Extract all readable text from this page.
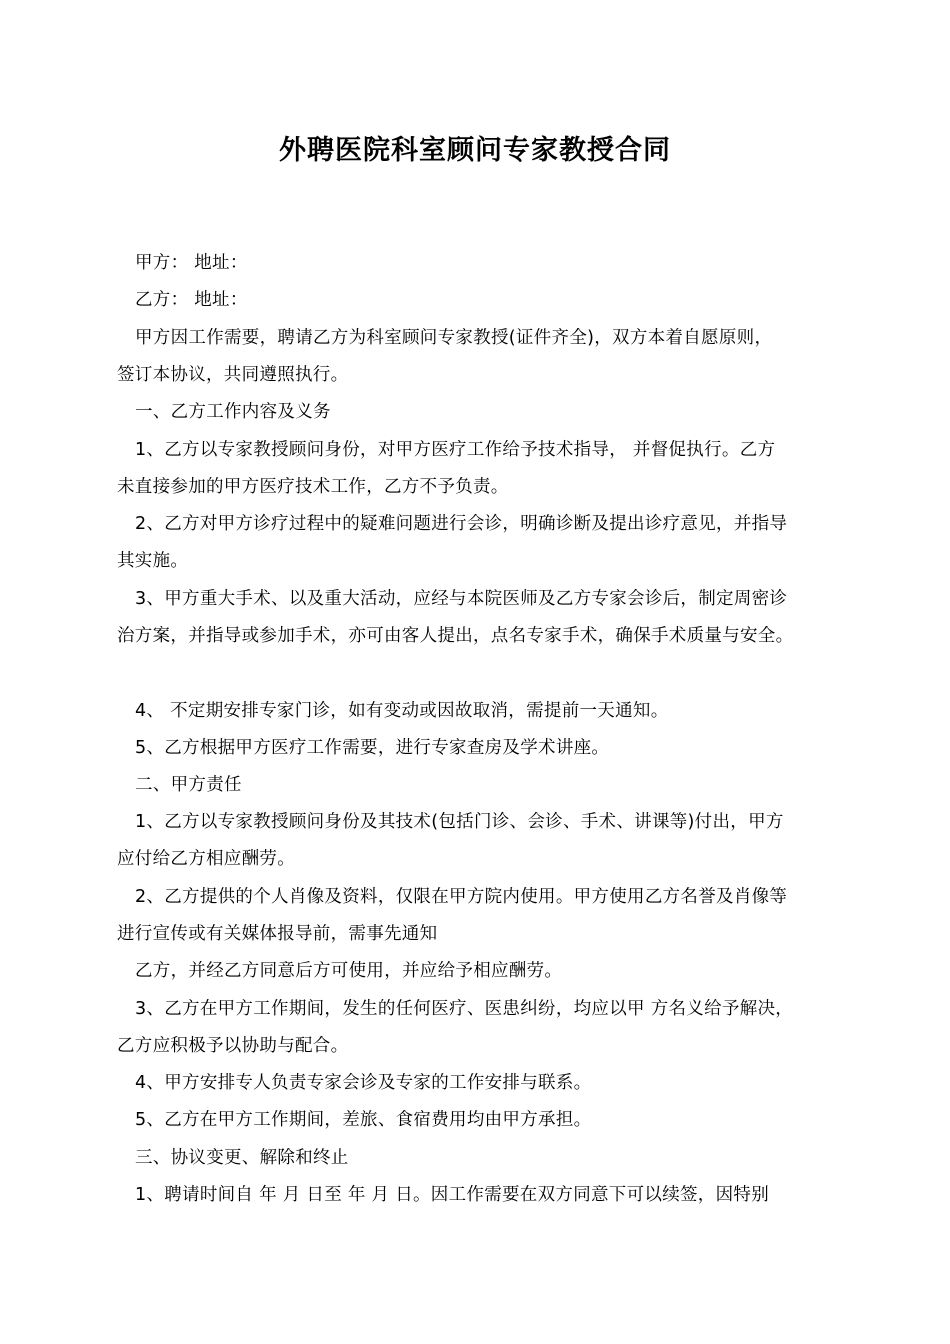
外聘医院科室顾问专家教授合同
甲方： 地址：
乙方： 地址：
甲方因工作需要，聘请乙方为科室顾问专家教授(证件齐全)，双方本着自愿原则，
签订本协议，共同遵照执行。
一、乙方工作内容及义务
1、乙方以专家教授顾问身份，对甲方医疗工作给予技术指导， 并督促执行。乙方
未直接参加的甲方医疗技术工作，乙方不予负责。
2、乙方对甲方诊疗过程中的疑难问题进行会诊，明确诊断及提出诊疗意见，并指导
其实施。
3、甲方重大手术、以及重大活动，应经与本院医师及乙方专家会诊后，制定周密诊
治方案，并指导或参加手术，亦可由客人提出，点名专家手术，确保手术质量与安全。
4、 不定期安排专家门诊，如有变动或因故取消，需提前一天通知。
5、乙方根据甲方医疗工作需要，进行专家查房及学术讲座。
二、甲方责任
1、乙方以专家教授顾问身份及其技术(包括门诊、会诊、手术、讲课等)付出，甲方
应付给乙方相应酬劳。
2、乙方提供的个人肖像及资料，仅限在甲方院内使用。甲方使用乙方名誉及肖像等
进行宣传或有关媒体报导前，需事先通知
乙方，并经乙方同意后方可使用，并应给予相应酬劳。
3、乙方在甲方工作期间，发生的任何医疗、医患纠纷，均应以甲 方名义给予解决，
乙方应积极予以协助与配合。
4、甲方安排专人负责专家会诊及专家的工作安排与联系。
5、乙方在甲方工作期间，差旅、食宿费用均由甲方承担。
三、协议变更、解除和终止
1、聘请时间自 年 月 日至 年 月 日。因工作需要在双方同意下可以续签，因特别
